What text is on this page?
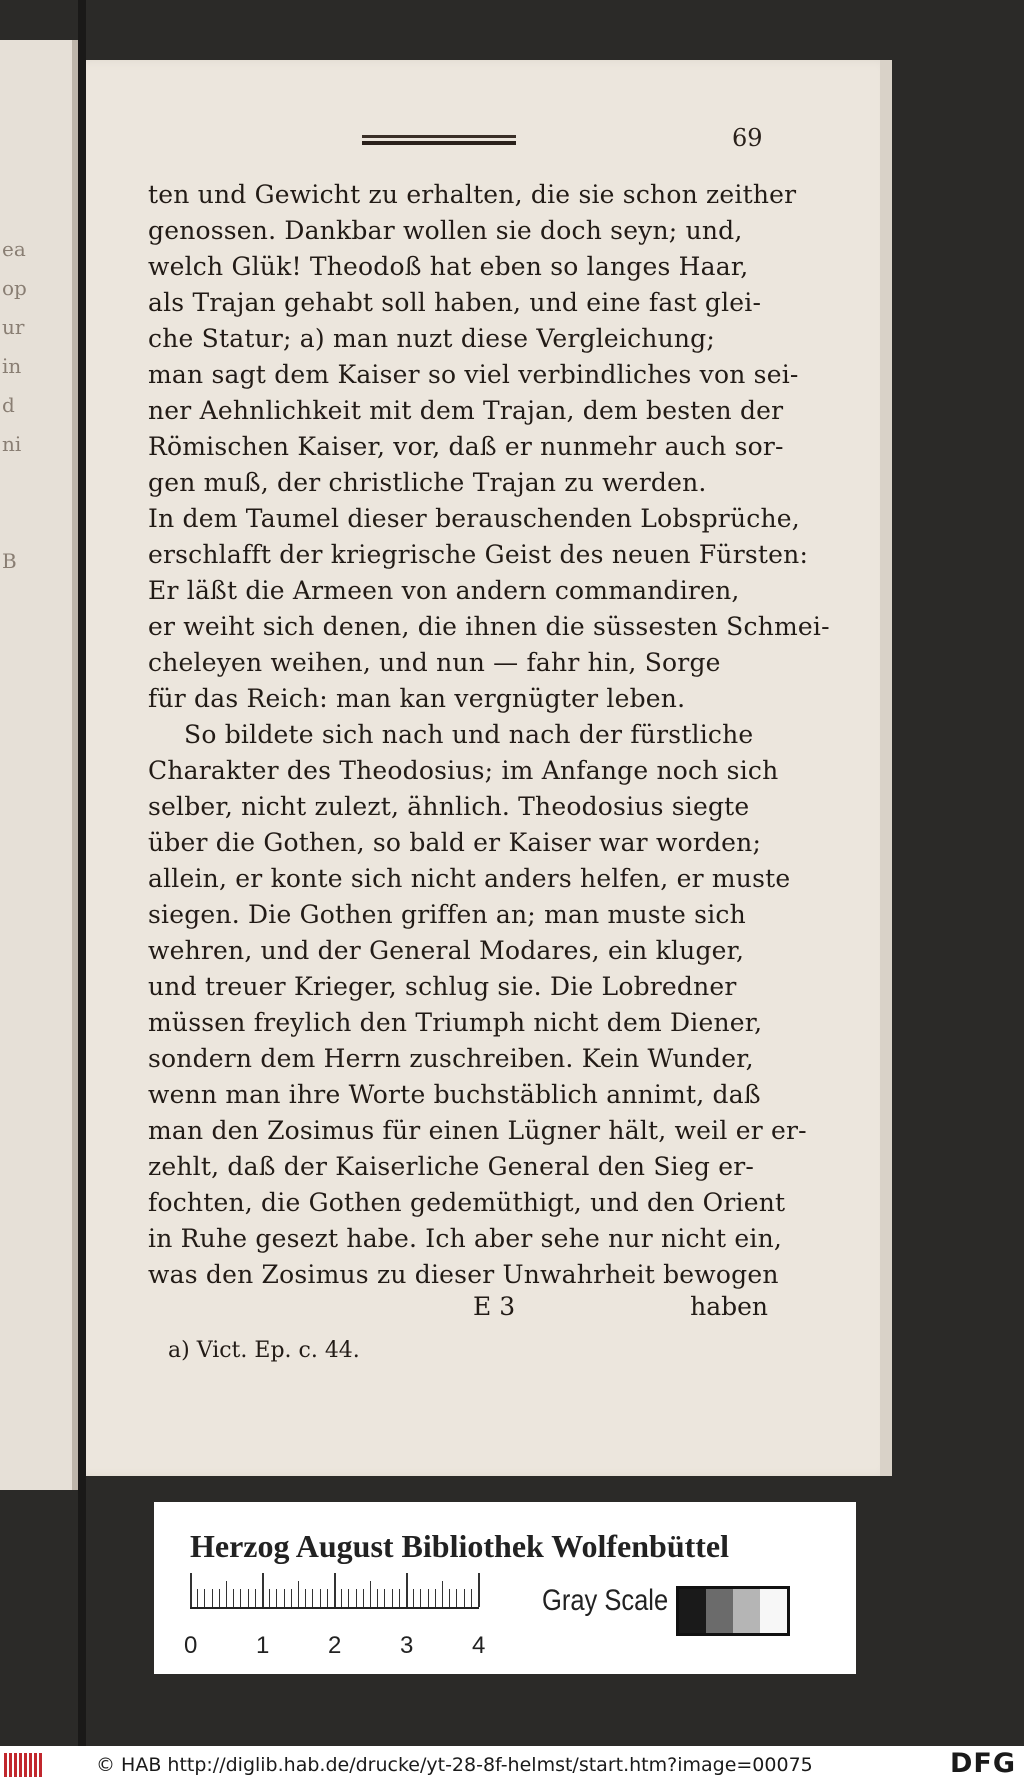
ea
op
ur
in
d
ni
B
69
ten und Gewicht zu erhalten, die sie schon zeither
genossen. Dankbar wollen sie doch seyn; und,
welch Glük! Theodoß hat eben so langes Haar,
als Trajan gehabt soll haben, und eine fast glei-
che Statur; a) man nuzt diese Vergleichung;
man sagt dem Kaiser so viel verbindliches von sei-
ner Aehnlichkeit mit dem Trajan, dem besten der
Römischen Kaiser, vor, daß er nunmehr auch sor-
gen muß, der christliche Trajan zu werden.
In dem Taumel dieser berauschenden Lobsprüche,
erschlafft der kriegrische Geist des neuen Fürsten:
Er läßt die Armeen von andern commandiren,
er weiht sich denen, die ihnen die süssesten Schmei-
cheleyen weihen, und nun — fahr hin, Sorge
für das Reich: man kan vergnügter leben.
So bildete sich nach und nach der fürstliche
Charakter des Theodosius; im Anfange noch sich
selber, nicht zulezt, ähnlich. Theodosius siegte
über die Gothen, so bald er Kaiser war worden;
allein, er konte sich nicht anders helfen, er muste
siegen. Die Gothen griffen an; man muste sich
wehren, und der General Modares, ein kluger,
und treuer Krieger, schlug sie. Die Lobredner
müssen freylich den Triumph nicht dem Diener,
sondern dem Herrn zuschreiben. Kein Wunder,
wenn man ihre Worte buchstäblich annimt, daß
man den Zosimus für einen Lügner hält, weil er er-
zehlt, daß der Kaiserliche General den Sieg er-
fochten, die Gothen gedemüthigt, und den Orient
in Ruhe gesezt habe. Ich aber sehe nur nicht ein,
was den Zosimus zu dieser Unwahrheit bewogen
E 3	haben
a) Vict. Ep. c. 44.
Herzog August Bibliothek Wolfenbüttel
0 1 2 3 4
Gray Scale
© HAB http://diglib.hab.de/drucke/yt-28-8f-helmst/start.htm?image=00075	DFG
